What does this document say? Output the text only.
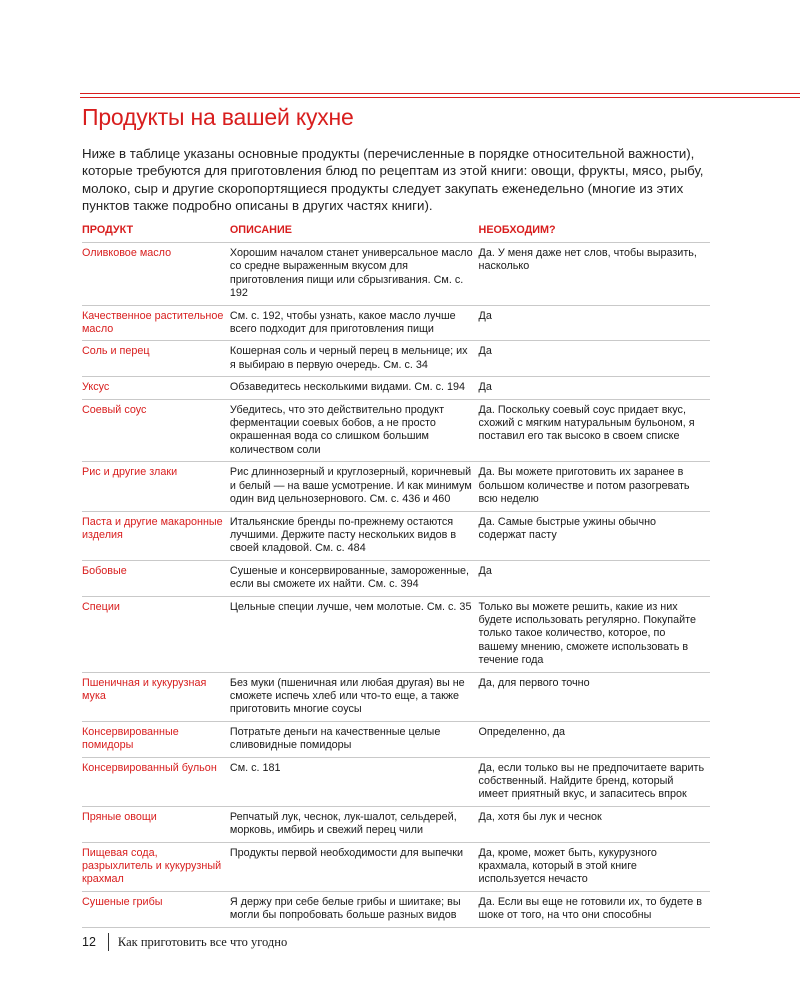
Продукты на вашей кухне

Ниже в таблице указаны основные продукты (перечисленные в порядке относительной важности), которые требуются для приготовления блюд по рецептам из этой книги: овощи, фрукты, мясо, рыбу, молоко, сыр и другие скоропортящиеся продукты следует закупать еженедельно (многие из этих пунктов также подробно описаны в других частях книги).

ПРОДУКТ	ОПИСАНИЕ	НЕОБХОДИМ?
Оливковое масло	Хорошим началом станет универсальное масло со средне выраженным вкусом для приготовления пищи или сбрызгивания. См. с. 192	Да. У меня даже нет слов, чтобы выразить, насколько
Качественное растительное масло	См. с. 192, чтобы узнать, какое масло лучше всего подходит для приготовления пищи	Да
Соль и перец	Кошерная соль и черный перец в мельнице; их я выбираю в первую очередь. См. с. 34	Да
Уксус	Обзаведитесь несколькими видами. См. с. 194	Да
Соевый соус	Убедитесь, что это действительно продукт ферментации соевых бобов, а не просто окрашенная вода со слишком большим количеством соли	Да. Поскольку соевый соус придает вкус, схожий с мягким натуральным бульоном, я поставил его так высоко в своем списке
Рис и другие злаки	Рис длиннозерный и круглозерный, коричневый и белый — на ваше усмотрение. И как минимум один вид цельнозернового. См. с. 436 и 460	Да. Вы можете приготовить их заранее в большом количестве и потом разогревать всю неделю
Паста и другие макаронные изделия	Итальянские бренды по-прежнему остаются лучшими. Держите пасту нескольких видов в своей кладовой. См. с. 484	Да. Самые быстрые ужины обычно содержат пасту
Бобовые	Сушеные и консервированные, замороженные, если вы сможете их найти. См. с. 394	Да
Специи	Цельные специи лучше, чем молотые. См. с. 35	Только вы можете решить, какие из них будете использовать регулярно. Покупайте только такое количество, которое, по вашему мнению, сможете использовать в течение года
Пшеничная и кукурузная мука	Без муки (пшеничная или любая другая) вы не сможете испечь хлеб или что-то еще, а также приготовить многие соусы	Да, для первого точно
Консервированные помидоры	Потратьте деньги на качественные целые сливовидные помидоры	Определенно, да
Консервированный бульон	См. с. 181	Да, если только вы не предпочитаете варить собственный. Найдите бренд, который имеет приятный вкус, и запаситесь впрок
Пряные овощи	Репчатый лук, чеснок, лук-шалот, сельдерей, морковь, имбирь и свежий перец чили	Да, хотя бы лук и чеснок
Пищевая сода, разрыхлитель и кукурузный крахмал	Продукты первой необходимости для выпечки	Да, кроме, может быть, кукурузного крахмала, который в этой книге используется нечасто
Сушеные грибы	Я держу при себе белые грибы и шиитаке; вы могли бы попробовать больше разных видов	Да. Если вы еще не готовили их, то будете в шоке от того, на что они способны
12 Как приготовить все что угодно
